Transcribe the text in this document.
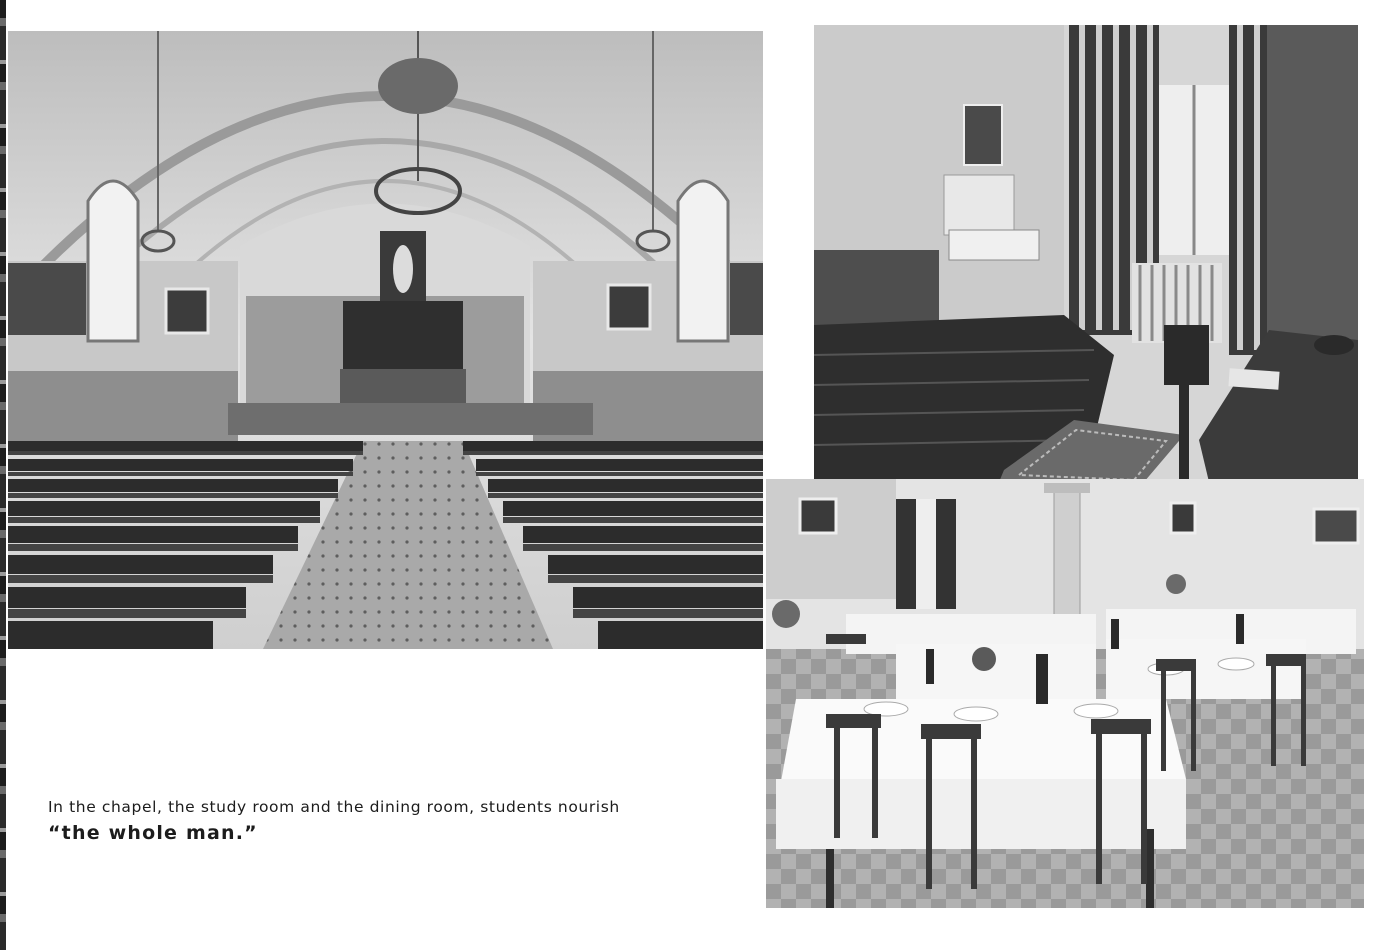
In the chapel, the study room and the dining room, students nourish
“the whole man.”
